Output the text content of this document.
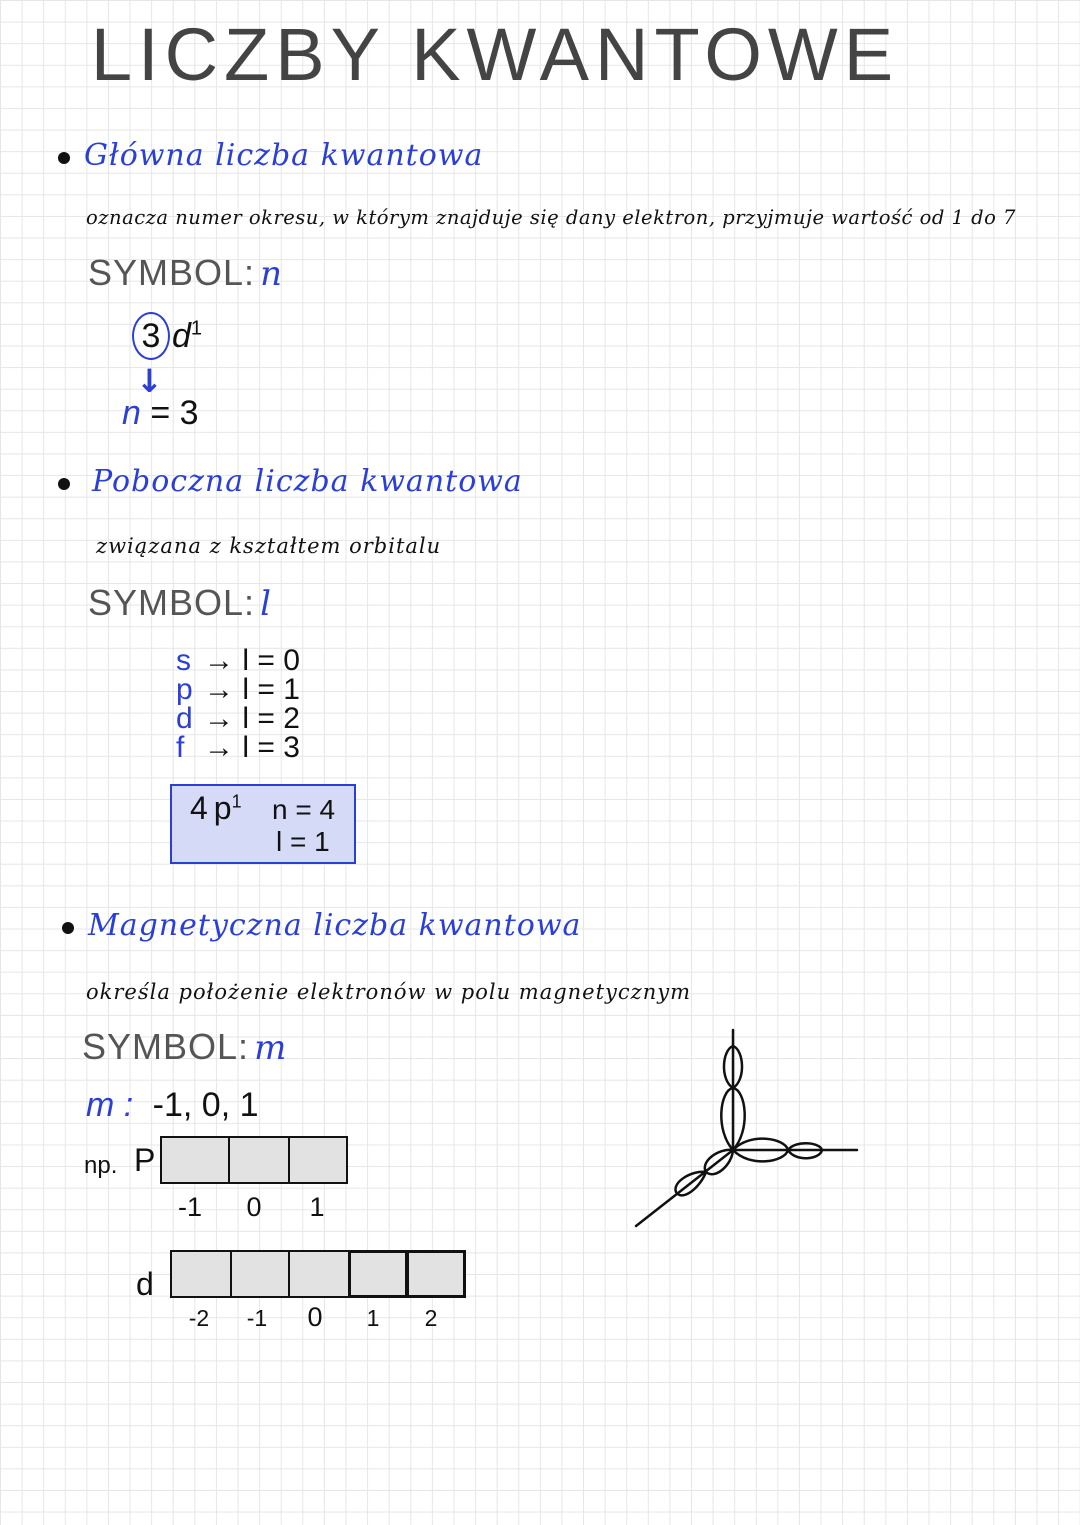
LICZBY KWANTOWE
Główna liczba kwantowa
oznacza numer okresu, w którym znajduje się dany elektron, przyjmuje wartość od 1 do 7
SYMBOL: n
3 $d^1$
↓
n = 3
Poboczna liczba kwantowa
związana z kształtem orbitalu
SYMBOL: l
s → l = 0
p → l = 1
d → l = 2
f → l = 3
4 $p^1$ n = 4
l = 1
Magnetyczna liczba kwantowa
określa położenie elektronów w polu magnetycznym
SYMBOL: m
m : -1, 0, 1
np. P
-1 0 1
d
-2 -1 0 1 2
